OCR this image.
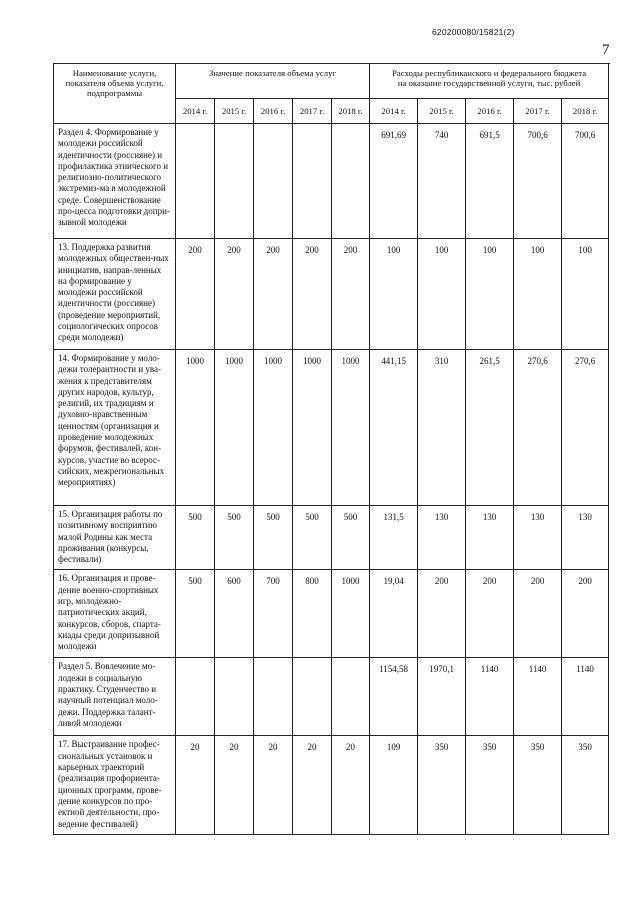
620200080/15821(2)
7
Наименование услуги, показателя объема услуги, подпрограммы	Значение показателя объема услуг					Расходы республиканского и федерального бюджета на оказание государственной услуги, тыс. рублей				
	2014 г.	2015 г.	2016 г.	2017 г.	2018 г.	2014 г.	2015 г.	2016 г.	2017 г.	2018 г.
Раздел 4. Формирование у молодежи российской идентичности (россияне) и профилактика этнического и религиозно-политического экстремиз-ма в молодежной среде. Совершенствование про-цесса подготовки допри-зывной молодежи						691,69	740	691,5	700,6	700,6
13. Поддержка развития молодежных обществен-ных инициатив, направ-ленных на формирование у молодежи российской идентичности (россияне) (проведение мероприятий, социологических опросов среди молодежи)	200	200	200	200	200	100	100	100	100	100
14. Формирование у моло-дежи толерантности и ува-жения к представителям других народов, культур, религий, их традициям и духовно-нравственным ценностям (организация и проведение молодежных форумов, фестивалей, кон-курсов, участие во всерос-сийских, межрегиональных мероприятиях)	1000	1000	1000	1000	1000	441,15	310	261,5	270,6	270,6
15. Организация работы по позитивному восприятию малой Родины как места проживания (конкурсы, фестивали)	500	500	500	500	500	131,5	130	130	130	130
16. Организация и прове-дение военно-спортивных игр, молодежно-патриотических акций, конкурсов, сборов, спарта-киады среди допризывной молодежи	500	600	700	800	1000	19,04	200	200	200	200
Раздел 5. Вовлечение мо-лодежи в социальную практику. Студенчество и научный потенциал моло-дежи. Поддержка талант-ливой молодежи						1154,58	1970,1	1140	1140	1140
17. Выстраивание профес-сиональных установок и карьерных траекторий (реализация профориента-ционных программ, прове-дение конкурсов по про-ектной деятельности, про-ведение фестивалей)	20	20	20	20	20	109	350	350	350	350
